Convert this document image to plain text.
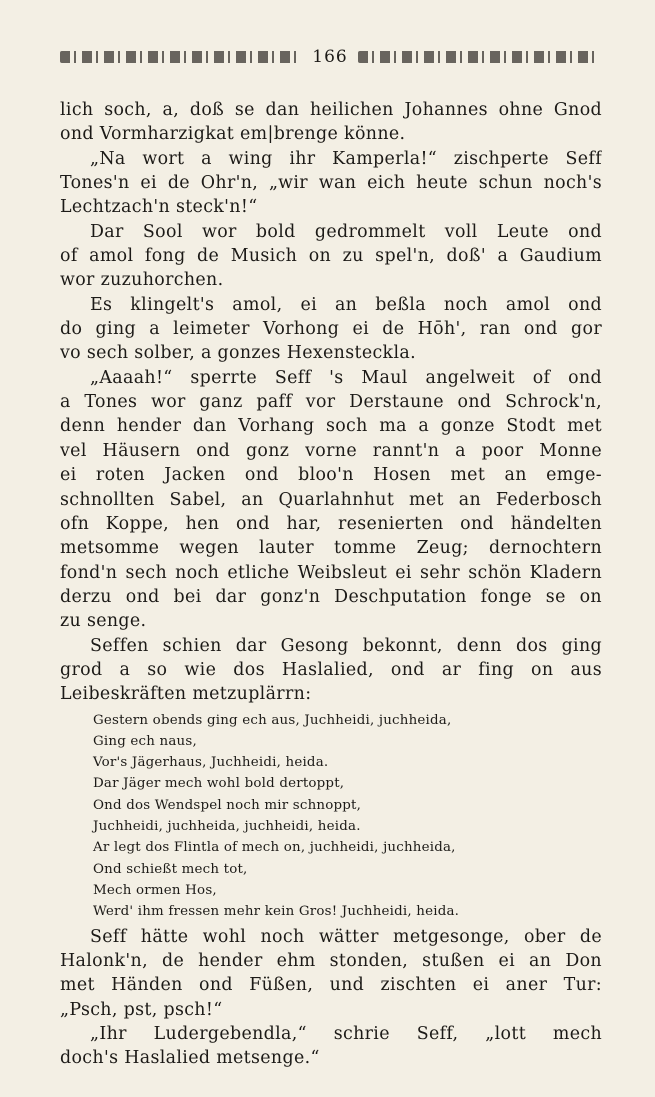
166
lich soch, a, doß se dan heilichen Johannes ohne Gnod
ond Vormharzigkat em|brenge könne.
„Na wort a wing ihr Kamperla!“ zischperte Seff
Tones'n ei de Ohr'n, „wir wan eich heute schun noch's
Lechtzach'n steck'n!“
Dar Sool wor bold gedrommelt voll Leute ond
of amol fong de Musich on zu spel'n, doß' a Gaudium
wor zuzuhorchen.
Es klingelt's amol, ei an beßla noch amol ond
do ging a leimeter Vorhong ei de Hōh', ran ond gor
vo sech solber, a gonzes Hexensteckla.
„Aaaah!“ sperrte Seff 's Maul angelweit of ond
a Tones wor ganz paff vor Derstaune ond Schrock'n,
denn hender dan Vorhang soch ma a gonze Stodt met
vel Häusern ond gonz vorne rannt'n a poor Monne
ei roten Jacken ond bloo'n Hosen met an emge-
schnollten Sabel, an Quarlahnhut met an Federbosch
ofn Koppe, hen ond har, resenierten ond händelten
metsomme wegen lauter tomme Zeug; dernochtern
fond'n sech noch etliche Weibsleut ei sehr schön Kladern
derzu ond bei dar gonz'n Deschputation fonge se on
zu senge.
Seffen schien dar Gesong bekonnt, denn dos ging
grod a so wie dos Haslalied, ond ar fing on aus
Leibeskräften metzuplärrn:
Gestern obends ging ech aus, Juchheidi, juchheida,
Ging ech naus,
Vor's Jägerhaus, Juchheidi, heida.
Dar Jäger mech wohl bold dertoppt,
Ond dos Wendspel noch mir schnoppt,
Juchheidi, juchheida, juchheidi, heida.
Ar legt dos Flintla of mech on, juchheidi, juchheida,
Ond schießt mech tot,
Mech ormen Hos,
Werd' ihm fressen mehr kein Gros! Juchheidi, heida.
Seff hätte wohl noch wätter metgesonge, ober de
Halonk'n, de hender ehm stonden, stußen ei an Don
met Händen ond Füßen, und zischten ei aner Tur:
„Psch, pst, psch!“
„Ihr Ludergebendla,“ schrie Seff, „lott mech
doch's Haslalied metsenge.“
